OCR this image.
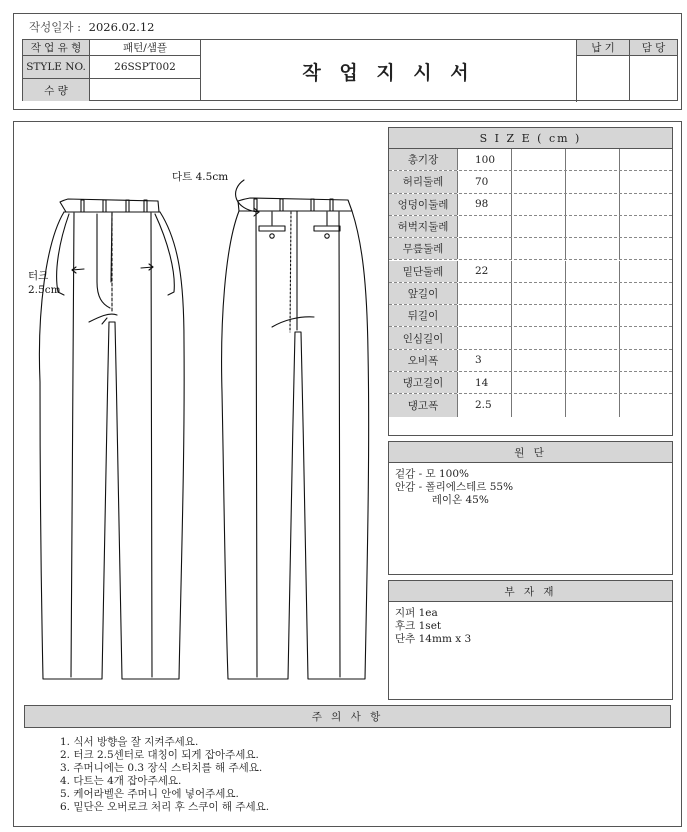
작성일자 : 2026.02.12
작 업 유 형	패턴/샘플
STYLE NO.	26SSPT002
수 량
작 업 지 시 서
납 기	담 당
다트 4.5cm
터크
2.5cm
S I Z E ( cm )
총기장	100
허리둘레	70
엉덩이둘레	98
허벅지둘레
무릎둘레
밑단둘레	22
앞길이
뒤길이
인심길이
오비폭	3
댕고길이	14
댕고폭	2.5
원 단
겉감 - 모 100%
안감 - 폴리에스테르 55%
레이온 45%
부 자 재
지퍼 1ea
후크 1set
단추 14mm x 3
주 의 사 항
1. 식서 방향을 잘 지켜주세요.
2. 터크 2.5센터로 대칭이 되게 잡아주세요.
3. 주머니에는 0.3 장식 스티치를 해 주세요.
4. 다트는 4개 잡아주세요.
5. 케어라벨은 주머니 안에 넣어주세요.
6. 밑단은 오버로크 처리 후 스쿠이 해 주세요.
